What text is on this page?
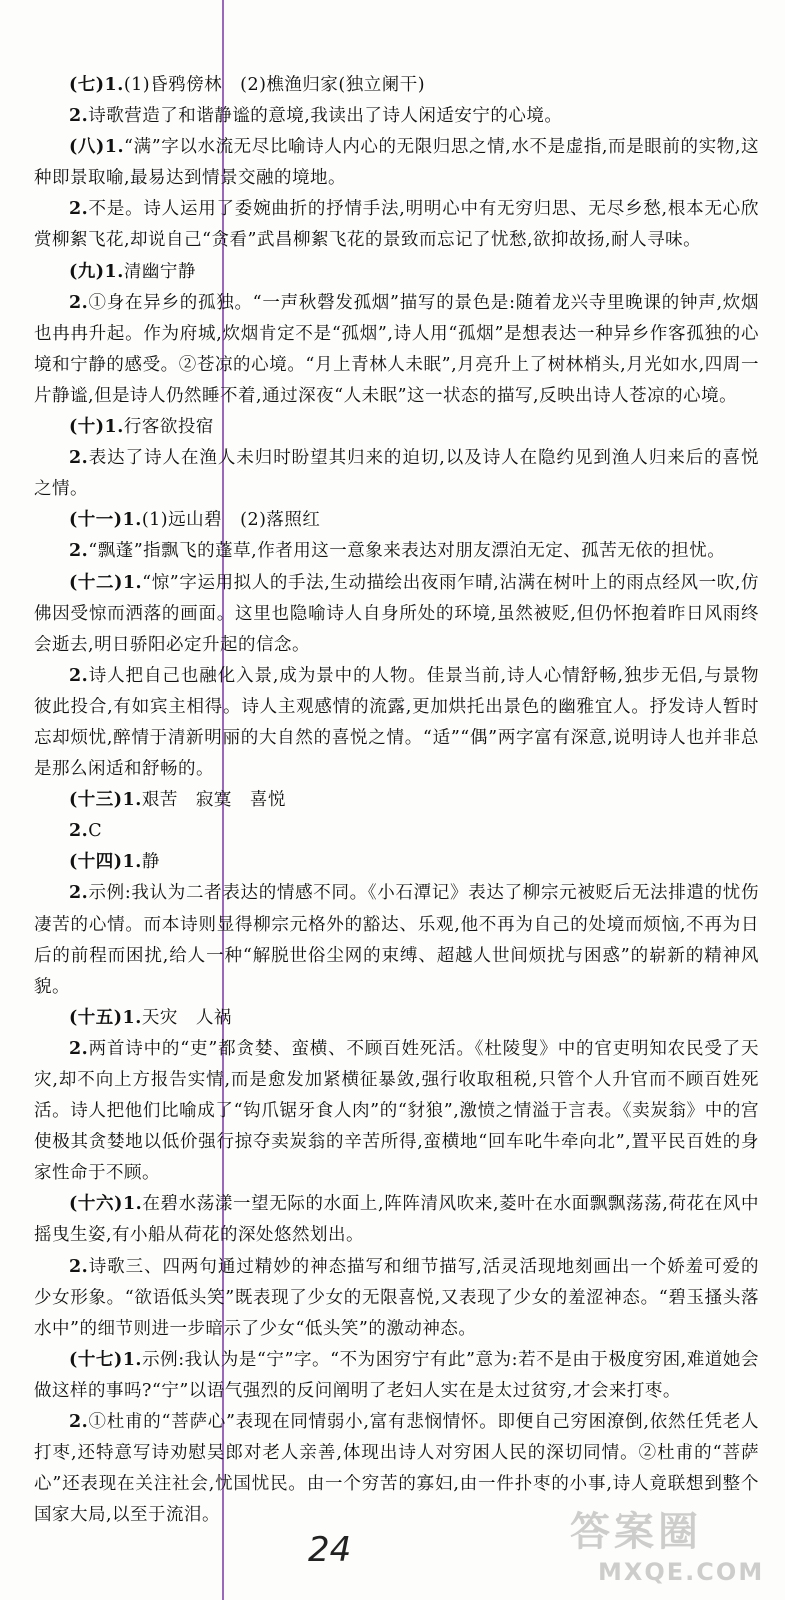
(七)1.(1)昏鸦傍林　(2)樵渔归家(独立阑干)

2.诗歌营造了和谐静谧的意境,我读出了诗人闲适安宁的心境。

(八)1.“满”字以水流无尽比喻诗人内心的无限归思之情,水不是虚指,而是眼前的实物,这种即景取喻,最易达到情景交融的境地。

2.不是。诗人运用了委婉曲折的抒情手法,明明心中有无穷归思、无尽乡愁,根本无心欣赏柳絮飞花,却说自己“贪看”武昌柳絮飞花的景致而忘记了忧愁,欲抑故扬,耐人寻味。

(九)1.清幽宁静

2.①身在异乡的孤独。“一声秋磬发孤烟”描写的景色是:随着龙兴寺里晚课的钟声,炊烟也冉冉升起。作为府城,炊烟肯定不是“孤烟”,诗人用“孤烟”是想表达一种异乡作客孤独的心境和宁静的感受。②苍凉的心境。“月上青林人未眠”,月亮升上了树林梢头,月光如水,四周一片静谧,但是诗人仍然睡不着,通过深夜“人未眠”这一状态的描写,反映出诗人苍凉的心境。

(十)1.行客欲投宿

2.表达了诗人在渔人未归时盼望其归来的迫切,以及诗人在隐约见到渔人归来后的喜悦之情。

(十一)1.(1)远山碧　(2)落照红

2.“飘蓬”指飘飞的蓬草,作者用这一意象来表达对朋友漂泊无定、孤苦无依的担忧。

(十二)1.“惊”字运用拟人的手法,生动描绘出夜雨乍晴,沾满在树叶上的雨点经风一吹,仿佛因受惊而洒落的画面。这里也隐喻诗人自身所处的环境,虽然被贬,但仍怀抱着昨日风雨终会逝去,明日骄阳必定升起的信念。

2.诗人把自己也融化入景,成为景中的人物。佳景当前,诗人心情舒畅,独步无侣,与景物彼此投合,有如宾主相得。诗人主观感情的流露,更加烘托出景色的幽雅宜人。抒发诗人暂时忘却烦忧,醉情于清新明丽的大自然的喜悦之情。“适”“偶”两字富有深意,说明诗人也并非总是那么闲适和舒畅的。

(十三)1.艰苦　寂寞　喜悦

2.C

(十四)1.静

2.示例:我认为二者表达的情感不同。《小石潭记》表达了柳宗元被贬后无法排遣的忧伤凄苦的心情。而本诗则显得柳宗元格外的豁达、乐观,他不再为自己的处境而烦恼,不再为日后的前程而困扰,给人一种“解脱世俗尘网的束缚、超越人世间烦扰与困惑”的崭新的精神风貌。

(十五)1.天灾　人祸

2.两首诗中的“吏”都贪婪、蛮横、不顾百姓死活。《杜陵叟》中的官吏明知农民受了天灾,却不向上方报告实情,而是愈发加紧横征暴敛,强行收取租税,只管个人升官而不顾百姓死活。诗人把他们比喻成了“钩爪锯牙食人肉”的“豺狼”,激愤之情溢于言表。《卖炭翁》中的宫使极其贪婪地以低价强行掠夺卖炭翁的辛苦所得,蛮横地“回车叱牛牵向北”,置平民百姓的身家性命于不顾。

(十六)1.在碧水荡漾一望无际的水面上,阵阵清风吹来,菱叶在水面飘飘荡荡,荷花在风中摇曳生姿,有小船从荷花的深处悠然划出。

2.诗歌三、四两句通过精妙的神态描写和细节描写,活灵活现地刻画出一个娇羞可爱的少女形象。“欲语低头笑”既表现了少女的无限喜悦,又表现了少女的羞涩神态。“碧玉搔头落水中”的细节则进一步暗示了少女“低头笑”的激动神态。

(十七)1.示例:我认为是“宁”字。“不为困穷宁有此”意为:若不是由于极度穷困,难道她会做这样的事吗?“宁”以语气强烈的反问阐明了老妇人实在是太过贫穷,才会来打枣。

2.①杜甫的“菩萨心”表现在同情弱小,富有悲悯情怀。即便自己穷困潦倒,依然任凭老人打枣,还特意写诗劝慰吴郎对老人亲善,体现出诗人对穷困人民的深切同情。②杜甫的“菩萨心”还表现在关注社会,忧国忧民。由一个穷苦的寡妇,由一件扑枣的小事,诗人竟联想到整个国家大局,以至于流泪。

24	答案圈
MXQE.COM
